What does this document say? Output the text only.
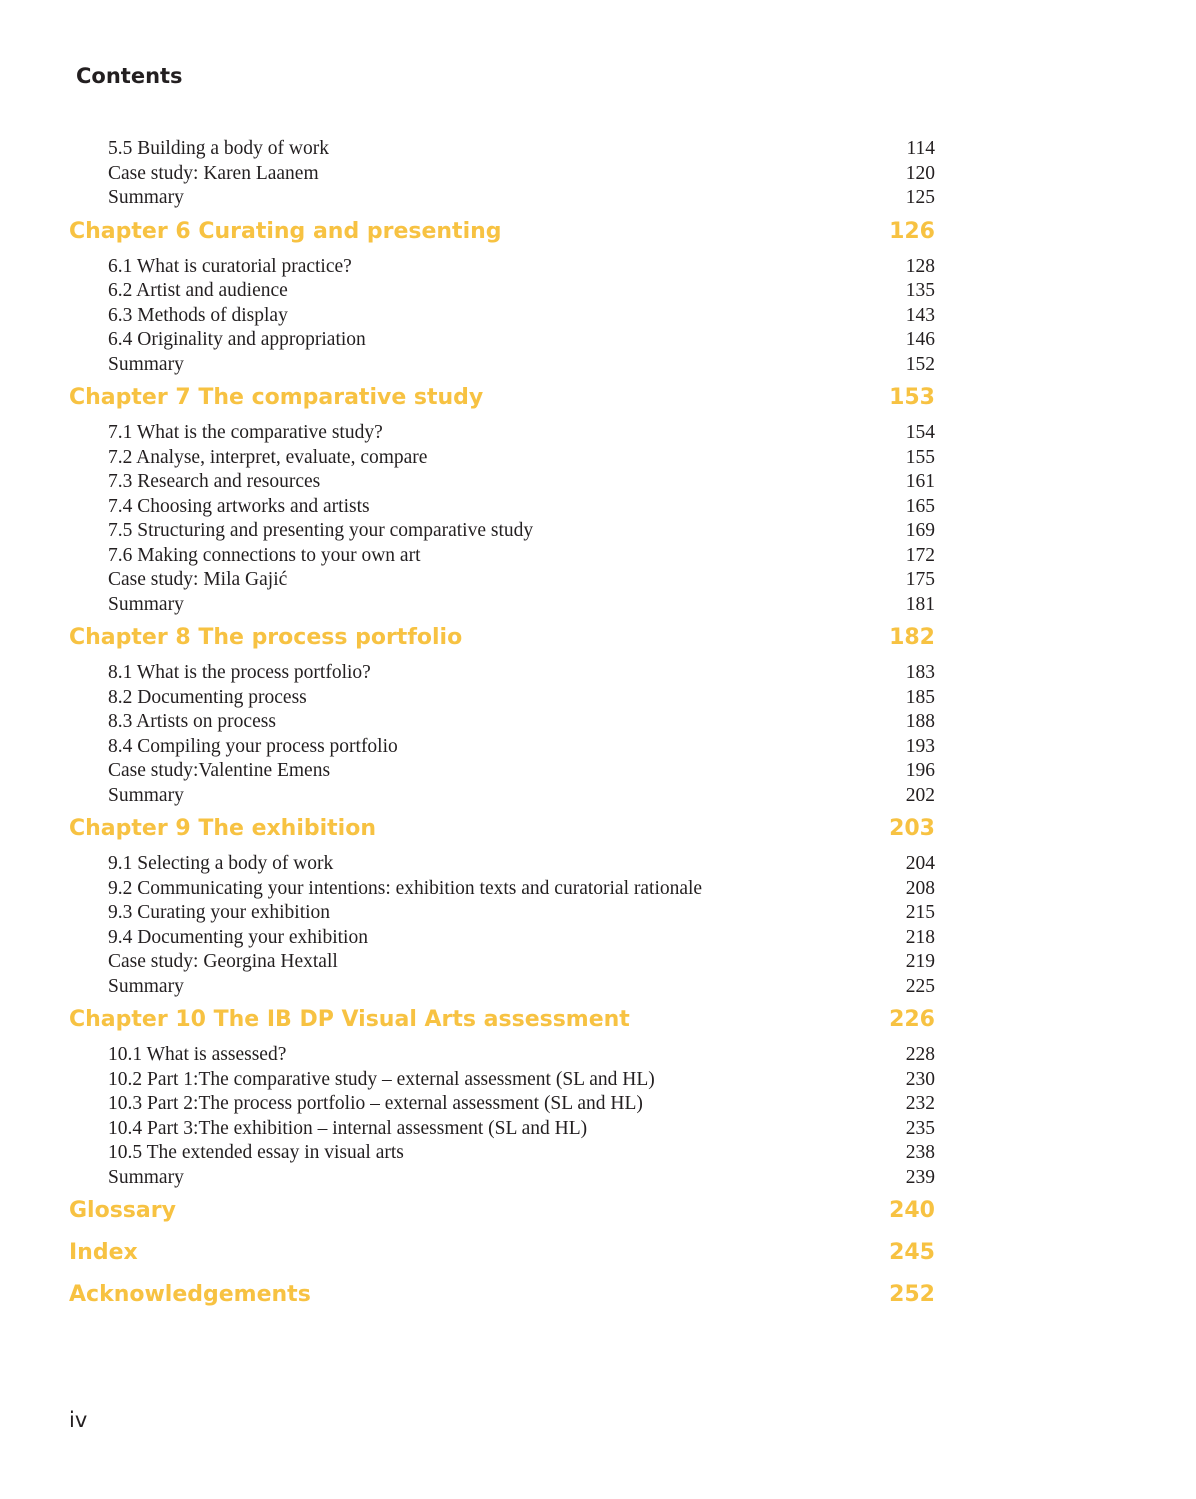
Contents
5.5 Building a body of work	114
Case study: Karen Laanem	120
Summary	125
Chapter 6 Curating and presenting	126
6.1 What is curatorial practice?	128
6.2 Artist and audience	135
6.3 Methods of display	143
6.4 Originality and appropriation	146
Summary	152
Chapter 7 The comparative study	153
7.1 What is the comparative study?	154
7.2 Analyse, interpret, evaluate, compare	155
7.3 Research and resources	161
7.4 Choosing artworks and artists	165
7.5 Structuring and presenting your comparative study	169
7.6 Making connections to your own art	172
Case study: Mila Gajić	175
Summary	181
Chapter 8 The process portfolio	182
8.1 What is the process portfolio?	183
8.2 Documenting process	185
8.3 Artists on process	188
8.4 Compiling your process portfolio	193
Case study:Valentine Emens	196
Summary	202
Chapter 9 The exhibition	203
9.1 Selecting a body of work	204
9.2 Communicating your intentions: exhibition texts and curatorial rationale	208
9.3 Curating your exhibition	215
9.4 Documenting your exhibition	218
Case study: Georgina Hextall	219
Summary	225
Chapter 10 The IB DP Visual Arts assessment	226
10.1 What is assessed?	228
10.2 Part 1:The comparative study – external assessment (SL and HL)	230
10.3 Part 2:The process portfolio – external assessment (SL and HL)	232
10.4 Part 3:The exhibition – internal assessment (SL and HL)	235
10.5 The extended essay in visual arts	238
Summary	239
Glossary	240
Index	245
Acknowledgements	252
iv
